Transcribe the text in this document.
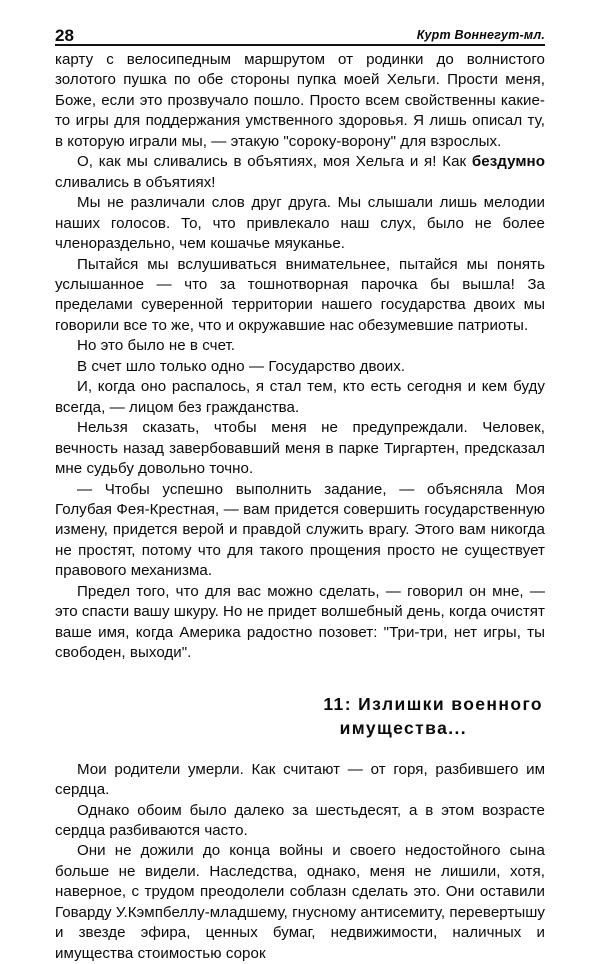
28	Курт Воннегут-мл.

карту с велосипедным маршрутом от родинки до волнистого золотого пушка по обе стороны пупка моей Хельги. Прости меня, Боже, если это прозвучало пошло. Просто всем свойственны какие-то игры для поддержания умственного здоровья. Я лишь описал ту, в которую играли мы, — этакую "сороку-ворону" для взрослых.

О, как мы сливались в объятиях, моя Хельга и я! Как бездумно сливались в объятиях!

Мы не различали слов друг друга. Мы слышали лишь мелодии наших голосов. То, что привлекало наш слух, было не более членораздельно, чем кошачье мяуканье.

Пытайся мы вслушиваться внимательнее, пытайся мы понять услышанное — что за тошнотворная парочка бы вышла! За пределами суверенной территории нашего государства двоих мы говорили все то же, что и окружавшие нас обезумевшие патриоты.

Но это было не в счет.

В счет шло только одно — Государство двоих.

И, когда оно распалось, я стал тем, кто есть сегодня и кем буду всегда, — лицом без гражданства.

Нельзя сказать, чтобы меня не предупреждали. Человек, вечность назад завербовавший меня в парке Тиргартен, предсказал мне судьбу довольно точно.

— Чтобы успешно выполнить задание, — объясняла Моя Голубая Фея-Крестная, — вам придется совершить государственную измену, придется верой и правдой служить врагу. Этого вам никогда не простят, потому что для такого прощения просто не существует правового механизма.

Предел того, что для вас можно сделать, — говорил он мне, — это спасти вашу шкуру. Но не придет волшебный день, когда очистят ваше имя, когда Америка радостно позовет: "Три-три, нет игры, ты свободен, выходи".

11: Излишки военного
имущества...

Мои родители умерли. Как считают — от горя, разбившего им сердца.

Однако обоим было далеко за шестьдесят, а в этом возрасте сердца разбиваются часто.

Они не дожили до конца войны и своего недостойного сына больше не видели. Наследства, однако, меня не лишили, хотя, наверное, с трудом преодолели соблазн сделать это. Они оставили Говарду У.Кэмпбеллу-младшему, гнусному антисемиту, перевертышу и звезде эфира, ценных бумаг, недвижимости, наличных и имущества стоимостью сорок
